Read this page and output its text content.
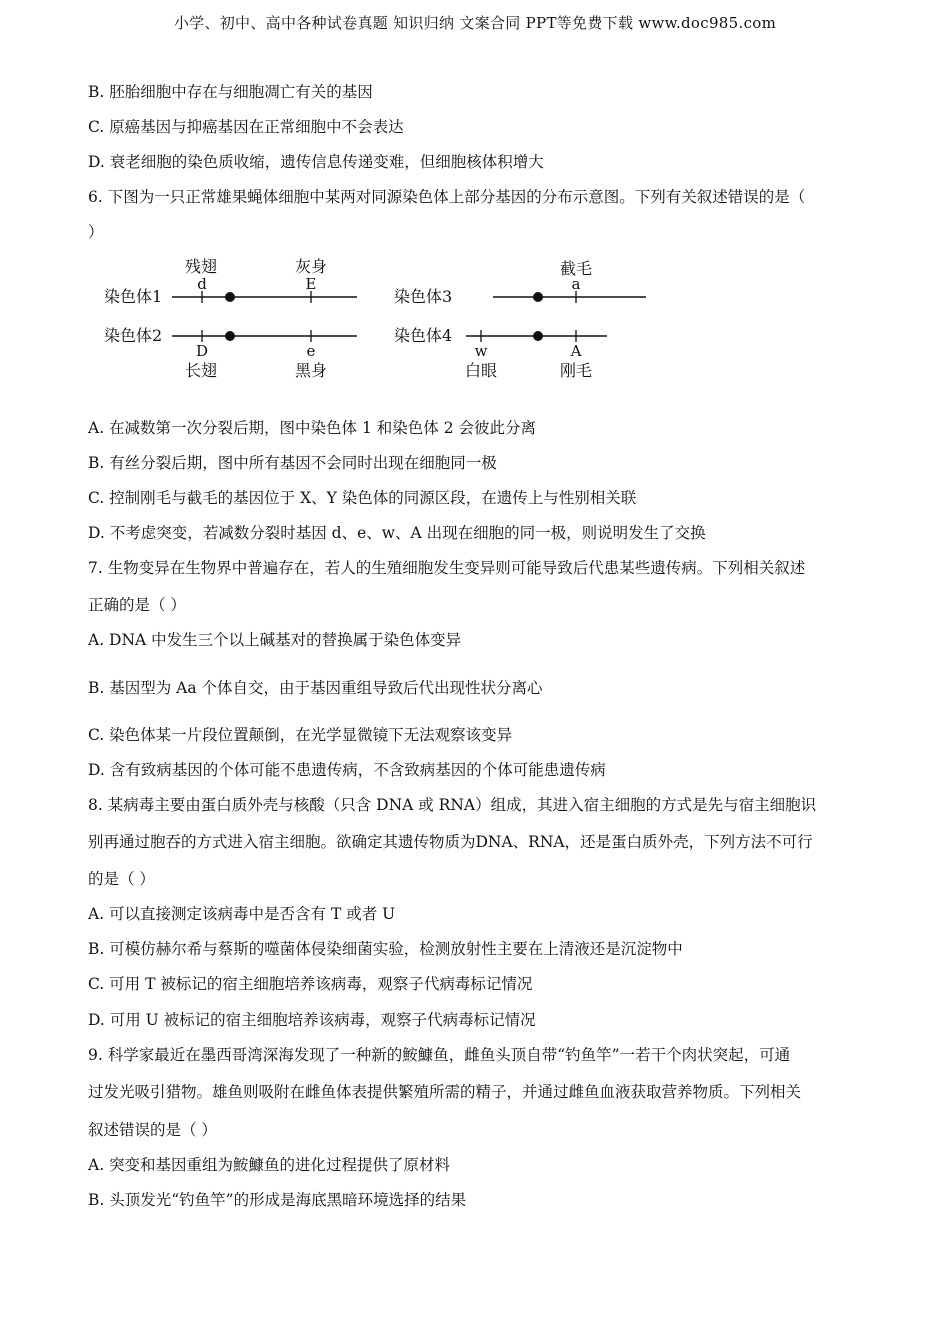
小学、初中、高中各种试卷真题 知识归纳 文案合同 PPT等免费下载 www.doc985.com
B. 胚胎细胞中存在与细胞凋亡有关的基因
C. 原癌基因与抑癌基因在正常细胞中不会表达
D. 衰老细胞的染色质收缩，遗传信息传递变难，但细胞核体积增大
6. 下图为一只正常雄果蝇体细胞中某两对同源染色体上部分基因的分布示意图。下列有关叙述错误的是（
）
染色体1
残翅
d
灰身
E
染色体2
D
长翅
e
黑身
染色体3
截毛
a
染色体4
w
白眼
A
刚毛
A. 在减数第一次分裂后期，图中染色体 1 和染色体 2 会彼此分离
B. 有丝分裂后期，图中所有基因不会同时出现在细胞同一极
C. 控制刚毛与截毛的基因位于 X、Y 染色体的同源区段，在遗传上与性别相关联
D. 不考虑突变，若减数分裂时基因 d、e、w、A 出现在细胞的同一极，则说明发生了交换
7. 生物变异在生物界中普遍存在，若人的生殖细胞发生变异则可能导致后代患某些遗传病。下列相关叙述
正确的是（ ）
A. DNA 中发生三个以上碱基对的替换属于染色体变异
B. 基因型为 Aa 个体自交，由于基因重组导致后代出现性状分离心
C. 染色体某一片段位置颠倒，在光学显微镜下无法观察该变异
D. 含有致病基因的个体可能不患遗传病，不含致病基因的个体可能患遗传病
8. 某病毒主要由蛋白质外壳与核酸（只含 DNA 或 RNA）组成，其进入宿主细胞的方式是先与宿主细胞识
别再通过胞吞的方式进入宿主细胞。欲确定其遗传物质为DNA、RNA，还是蛋白质外壳，下列方法不可行
的是（ ）
A. 可以直接测定该病毒中是否含有 T 或者 U
B. 可模仿赫尔希与蔡斯的噬菌体侵染细菌实验，检测放射性主要在上清液还是沉淀物中
C. 可用 T 被标记的宿主细胞培养该病毒，观察子代病毒标记情况
D. 可用 U 被标记的宿主细胞培养该病毒，观察子代病毒标记情况
9. 科学家最近在墨西哥湾深海发现了一种新的鮟鱇鱼，雌鱼头顶自带“钓鱼竿”一若干个肉状突起，可通
过发光吸引猎物。雄鱼则吸附在雌鱼体表提供繁殖所需的精子，并通过雌鱼血液获取营养物质。下列相关
叙述错误的是（ ）
A. 突变和基因重组为鮟鱇鱼的进化过程提供了原材料
B. 头顶发光“钓鱼竿”的形成是海底黑暗环境选择的结果
